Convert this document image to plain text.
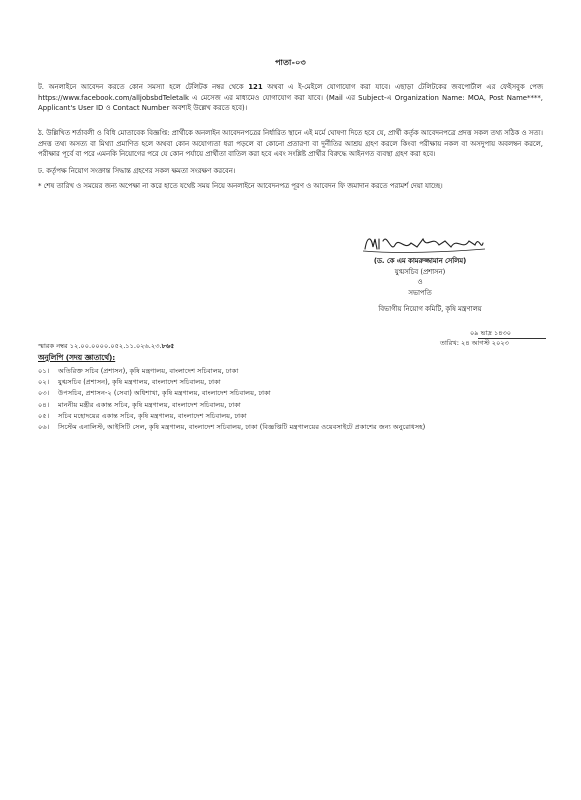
পাতা-০৩
ট. অনলাইনে আবেদন করতে কোন সমস্যা হলে টেলিটক নম্বর থেকে 121 অথবা এ ই-মেইলে যোগাযোগ করা যাবে। এছাড়া টেলিটকের জবপোর্টাল এর ফেইসবুক পেজ https://www.facebook.com/alljobsbdTeletalk এ মেসেজ এর মাধ্যমেও যোগাযোগ করা যাবে। (Mail এর Subject-এ Organization Name: MOA, Post Name****, Applicant's User ID ও Contact Number অবশ্যই উল্লেখ করতে হবে)।
ঠ. উল্লিখিত শর্তাবলী ও বিধি মোতাবেক বিজ্ঞপ্তি: প্রার্থীকে অনলাইন আবেদনপত্রের নির্ধারিত স্থানে এই মর্মে ঘোষণা দিতে হবে যে, প্রার্থী কর্তৃক আবেদনপত্রে প্রদত্ত সকল তথ্য সঠিক ও সত্য। প্রদত্ত তথ্য অসত্য বা মিথ্যা প্রমাণিত হলে অথবা কোন অযোগ্যতা ধরা পড়লে বা কোনো প্রতারণা বা দুর্নীতির আশ্রয় গ্রহণ করলে কিংবা পরীক্ষায় নকল বা অসদুপায় অবলম্বন করলে, পরীক্ষার পূর্বে বা পরে এমনকি নিয়োগের পরে যে কোন পর্যায়ে প্রার্থীতা বাতিল করা হবে এবং সংশ্লিষ্ট প্রার্থীর বিরুদ্ধে আইনগত ব্যবস্থা গ্রহণ করা হবে।
ঢ. কর্তৃপক্ষ নিয়োগ সংক্রান্ত সিদ্ধান্ত গ্রহণের সকল ক্ষমতা সংরক্ষণ করবেন।
* শেষ তারিখ ও সময়ের জন্য অপেক্ষা না করে হাতে যথেষ্ট সময় নিয়ে অনলাইনে আবেদনপত্র পূরণ ও আবেদন ফি জমাদান করতে পরামর্শ দেয়া যাচ্ছে।
(ড. কে এম কামরুজ্জামান সেলিম)
যুগ্মসচিব (প্রশাসন)
ও
সভাপতি
বিভাগীয় নিয়োগ কমিটি, কৃষি মন্ত্রণালয়
০৯ ভাদ্র ১৪৩০
তারিখ: ২৪ আগস্ট ২০২৩
স্মারক নম্বর ১২.০০.০০০০.০৫২.১১.০২৬.২৩.৮৬৫
অনুলিপি (সদয় জ্ঞাতার্থে):
০১। অতিরিক্ত সচিব (প্রশাসন), কৃষি মন্ত্রণালয়, বাংলাদেশ সচিবালয়, ঢাকা
০২। যুগ্মসচিব (প্রশাসন), কৃষি মন্ত্রণালয়, বাংলাদেশ সচিবালয়, ঢাকা
০৩। উপসচিব, প্রশাসন-২ (সেবা) অধিশাখা, কৃষি মন্ত্রণালয়, বাংলাদেশ সচিবালয়, ঢাকা
০৪। মাননীয় মন্ত্রীর একান্ত সচিব, কৃষি মন্ত্রণালয়, বাংলাদেশ সচিবালয়, ঢাকা
০৫। সচিব মহোদয়ের একান্ত সচিব, কৃষি মন্ত্রণালয়, বাংলাদেশ সচিবালয়, ঢাকা
০৬। সিস্টেম এনালিস্ট, আইসিটি সেল, কৃষি মন্ত্রণালয়, বাংলাদেশ সচিবালয়, ঢাকা (বিজ্ঞপ্তিটি মন্ত্রণালয়ের ওয়েবসাইটে প্রকাশের জন্য অনুরোধসহ)
